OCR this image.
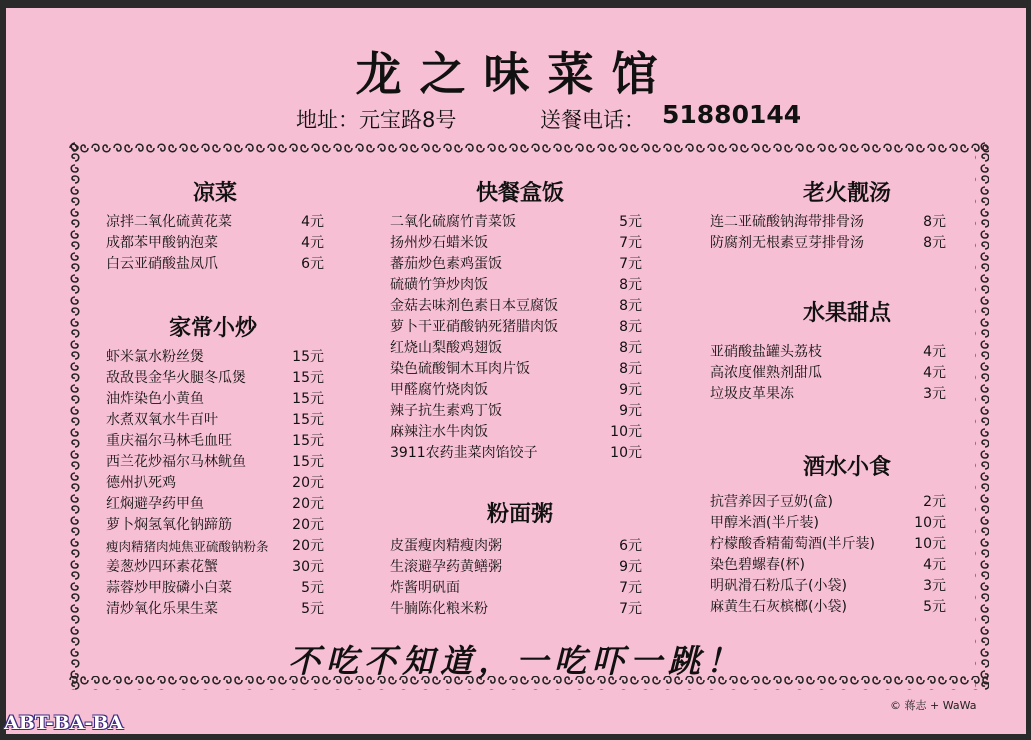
龙之味菜馆
地址：元宝路8号	送餐电话： 51880144
凉菜
凉拌二氧化硫黄花菜	4元
成都苯甲酸钠泡菜	4元
白云亚硝酸盐凤爪	6元
家常小炒
虾米氯水粉丝煲	15元
敌敌畏金华火腿冬瓜煲	15元
油炸染色小黄鱼	15元
水煮双氧水牛百叶	15元
重庆福尔马林毛血旺	15元
西兰花炒福尔马林鱿鱼	15元
德州扒死鸡	20元
红焖避孕药甲鱼	20元
萝卜焖氢氧化钠蹄筋	20元
瘦肉精猪肉炖焦亚硫酸钠粉条 20元
姜葱炒四环素花蟹	30元
蒜蓉炒甲胺磷小白菜	5元
清炒氧化乐果生菜	5元
快餐盒饭
二氧化硫腐竹青菜饭	5元
扬州炒石蜡米饭	7元
蕃茄炒色素鸡蛋饭	7元
硫磺竹笋炒肉饭	8元
金菇去味剂色素日本豆腐饭	8元
萝卜干亚硝酸钠死猪腊肉饭	8元
红烧山梨酸鸡翅饭	8元
染色硫酸铜木耳肉片饭	8元
甲醛腐竹烧肉饭	9元
辣子抗生素鸡丁饭	9元
麻辣注水牛肉饭	10元
3911农药韭菜肉馅饺子	10元
粉面粥
皮蛋瘦肉精瘦肉粥	6元
生滚避孕药黄鳝粥	9元
炸酱明矾面	7元
牛腩陈化粮米粉	7元
老火靓汤
连二亚硫酸钠海带排骨汤	8元
防腐剂无根素豆芽排骨汤	8元
水果甜点
亚硝酸盐罐头荔枝	4元
高浓度催熟剂甜瓜	4元
垃圾皮革果冻	3元
酒水小食
抗营养因子豆奶(盒)	2元
甲醇米酒(半斤装)	10元
柠檬酸香精葡萄酒(半斤装)	10元
染色碧螺春(杯)	4元
明矾滑石粉瓜子(小袋)	3元
麻黄生石灰槟榔(小袋)	5元
不吃不知道，一吃吓一跳！
© 蒋志 + WaWa
ABT-BA-BA
